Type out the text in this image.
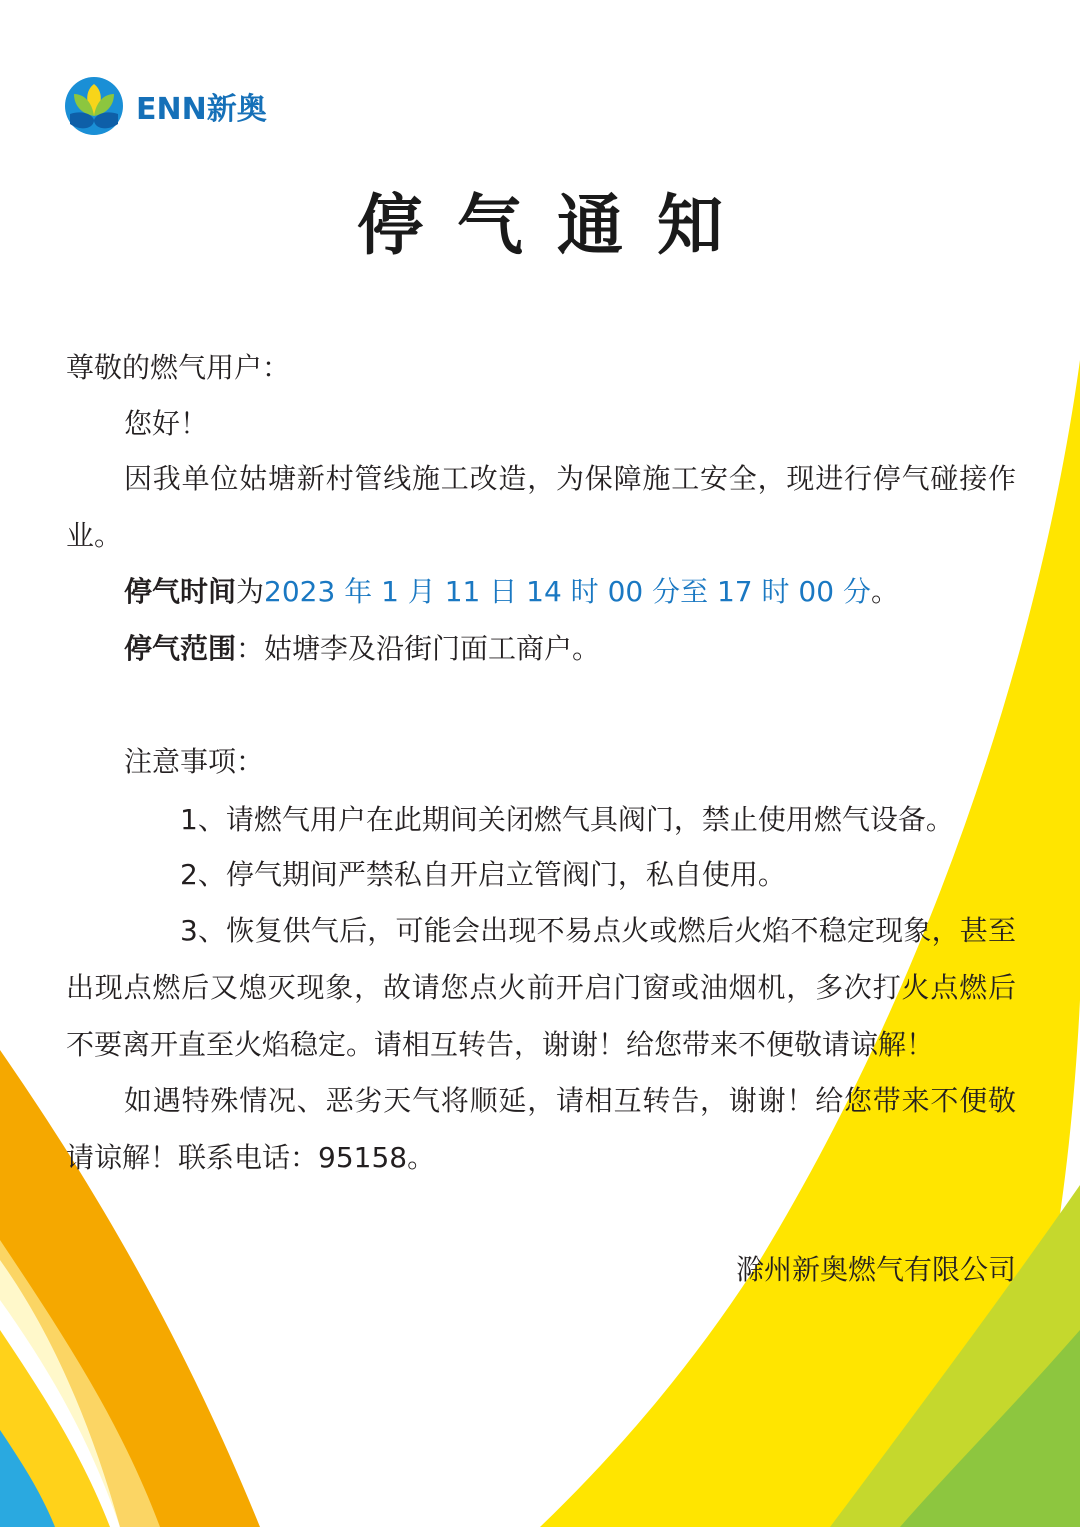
ENN新奥
停气通知
尊敬的燃气用户：
您好！
因我单位姑塘新村管线施工改造，为保障施工安全，现进行停气碰接作业。
停气时间为2023 年 1 月 11 日 14 时 00 分至 17 时 00 分。
停气范围：姑塘李及沿街门面工商户。
注意事项：
1、请燃气用户在此期间关闭燃气具阀门，禁止使用燃气设备。
2、停气期间严禁私自开启立管阀门，私自使用。
3、恢复供气后，可能会出现不易点火或燃后火焰不稳定现象，甚至出现点燃后又熄灭现象，故请您点火前开启门窗或油烟机，多次打火点燃后不要离开直至火焰稳定。请相互转告，谢谢！给您带来不便敬请谅解！
如遇特殊情况、恶劣天气将顺延，请相互转告，谢谢！给您带来不便敬请谅解！联系电话：95158。
滁州新奥燃气有限公司
